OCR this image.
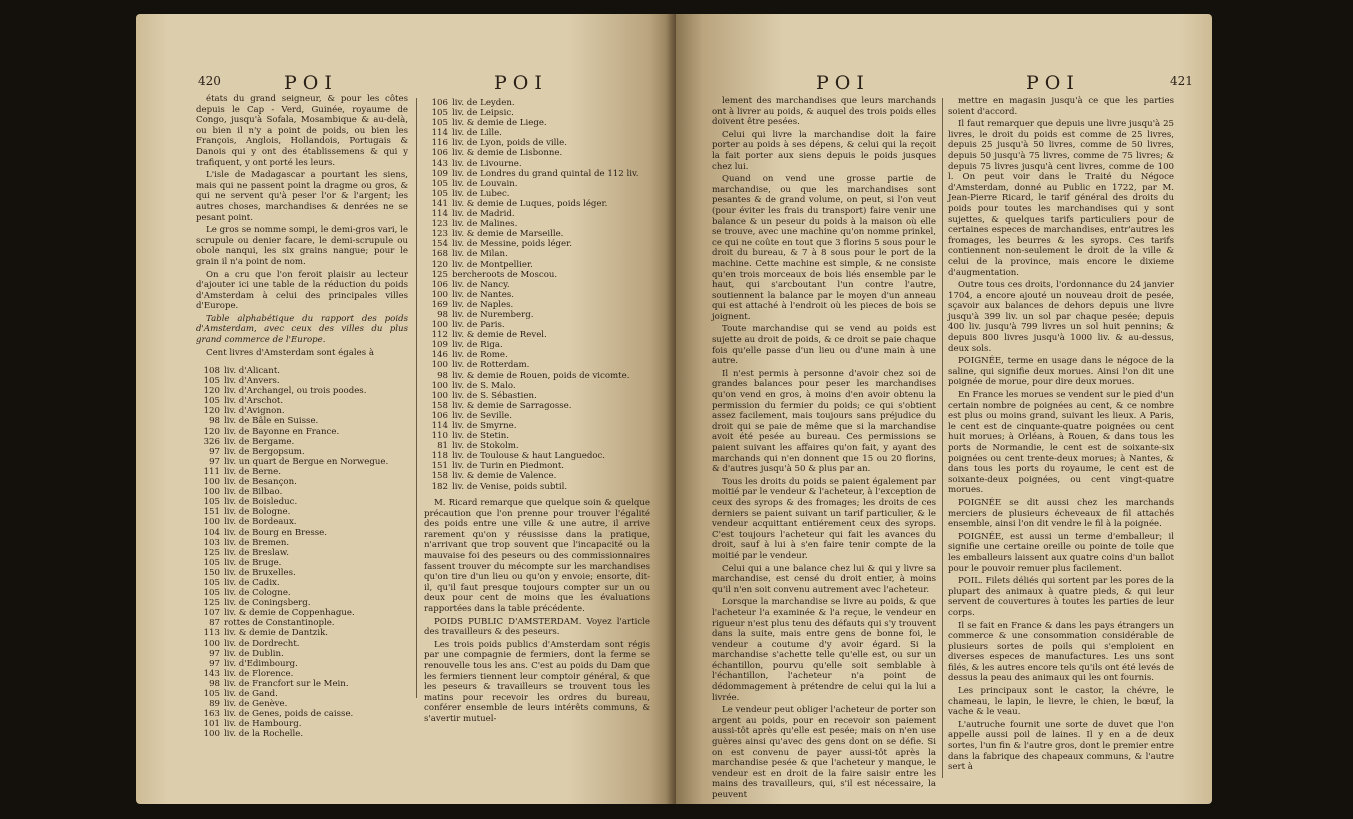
420	POI	POI

états du grand seigneur, & pour les côtes depuis le Cap - Verd, Guinée, royaume de Congo, jusqu'à Sofala, Mosambique & au-delà, ou bien il n'y a point de poids, ou bien les François, Anglois, Hollandois, Portugais & Danois qui y ont des établissemens & qui y trafiquent, y ont porté les leurs.

L'isle de Madagascar a pourtant les siens, mais qui ne passent point la dragme ou gros, & qui ne servent qu'à peser l'or & l'argent; les autres choses, marchandises & denrées ne se pesant point.

Le gros se nomme sompi, le demi-gros vari, le scrupule ou denier facare, le demi-scrupule ou obole nanqui, les six grains nangue; pour le grain il n'a point de nom.

On a cru que l'on feroit plaisir au lecteur d'ajouter ici une table de la réduction du poids d'Amsterdam à celui des principales villes d'Europe.

Table alphabétique du rapport des poids d'Amsterdam, avec ceux des villes du plus grand commerce de l'Europe.

Cent livres d'Amsterdam sont égales à

108 liv. d'Alicant.
105 liv. d'Anvers.
120 liv. d'Archangel, ou trois poodes.
105 liv. d'Arschot.
120 liv. d'Avignon.
98 liv. de Bâle en Suisse.
120 liv. de Bayonne en France.
326 liv. de Bergame.
97 liv. de Bergopsum.
97 liv. un quart de Bergue en Norwegue.
111 liv. de Berne.
100 liv. de Besançon.
100 liv. de Bilbao.
105 liv. de Boisleduc.
151 liv. de Bologne.
100 liv. de Bordeaux.
104 liv. de Bourg en Bresse.
103 liv. de Bremen.
125 liv. de Breslaw.
105 liv. de Bruge.
150 liv. de Bruxelles.
105 liv. de Cadix.
105 liv. de Cologne.
125 liv. de Coningsberg.
107 liv. & demie de Coppenhague.
87 rottes de Constantinople.
113 liv. & demie de Dantzik.
100 liv. de Dordrecht.
97 liv. de Dublin.
97 liv. d'Edimbourg.
143 liv. de Florence.
98 liv. de Francfort sur le Mein.
105 liv. de Gand.
89 liv. de Genève.
163 liv. de Genes, poids de caisse.
101 liv. de Hambourg.
100 liv. de la Rochelle.
106 liv. de Leyden.
105 liv. de Leipsic.
105 liv. & demie de Liege.
114 liv. de Lille.
116 liv. de Lyon, poids de ville.
106 liv. & demie de Lisbonne.
143 liv. de Livourne.
109 liv. de Londres du grand quintal de 112 liv.
105 liv. de Louvain.
105 liv. de Lubec.
141 liv. & demie de Luques, poids léger.
114 liv. de Madrid.
123 liv. de Malines.
123 liv. & demie de Marseille.
154 liv. de Messine, poids léger.
168 liv. de Milan.
120 liv. de Montpellier.
125 bercheroots de Moscou.
106 liv. de Nancy.
100 liv. de Nantes.
169 liv. de Naples.
98 liv. de Nuremberg.
100 liv. de Paris.
112 liv. & demie de Revel.
109 liv. de Riga.
146 liv. de Rome.
100 liv. de Rotterdam.
98 liv. & demie de Rouen, poids de vicomte.
100 liv. de S. Malo.
100 liv. de S. Sébastien.
158 liv. & demie de Sarragosse.
106 liv. de Seville.
114 liv. de Smyrne.
110 liv. de Stetin.
81 liv. de Stokolm.
118 liv. de Toulouse & haut Languedoc.
151 liv. de Turin en Piedmont.
158 liv. & demie de Valence.
182 liv. de Venise, poids subtil.

M. Ricard remarque que quelque soin & quelque précaution que l'on prenne pour trouver l'égalité des poids entre une ville & une autre, il arrive rarement qu'on y réussisse dans la pratique, n'arrivant que trop souvent que l'incapacité ou la mauvaise foi des peseurs ou des commissionnaires fassent trouver du mécompte sur les marchandises qu'on tire d'un lieu ou qu'on y envoie; ensorte, dit-il, qu'il faut presque toujours compter sur un ou deux pour cent de moins que les évaluations rapportées dans la table précédente.

POIDS PUBLIC D'AMSTERDAM. Voyez l'article des travailleurs & des peseurs.

Les trois poids publics d'Amsterdam sont régis par une compagnie de fermiers, dont la ferme se renouvelle tous les ans. C'est au poids du Dam que les fermiers tiennent leur comptoir général, & que les peseurs & travailleurs se trouvent tous les matins pour recevoir les ordres du bureau, conférer ensemble de leurs intérêts communs, & s'avertir mutuel-

POI	POI	421

lement des marchandises que leurs marchands ont à livrer au poids, & auquel des trois poids elles doivent être pesées.

Celui qui livre la marchandise doit la faire porter au poids à ses dépens, & celui qui la reçoit la fait porter aux siens depuis le poids jusques chez lui.

Quand on vend une grosse partie de marchandise, ou que les marchandises sont pesantes & de grand volume, on peut, si l'on veut (pour éviter les frais du transport) faire venir une balance & un peseur du poids à la maison où elle se trouve, avec une machine qu'on nomme prinkel, ce qui ne coûte en tout que 3 florins 5 sous pour le droit du bureau, & 7 à 8 sous pour le port de la machine. Cette machine est simple, & ne consiste qu'en trois morceaux de bois liés ensemble par le haut, qui s'arcboutant l'un contre l'autre, soutiennent la balance par le moyen d'un anneau qui est attaché à l'endroit où les pieces de bois se joignent.

Toute marchandise qui se vend au poids est sujette au droit de poids, & ce droit se paie chaque fois qu'elle passe d'un lieu ou d'une main à une autre.

Il n'est permis à personne d'avoir chez soi de grandes balances pour peser les marchandises qu'on vend en gros, à moins d'en avoir obtenu la permission du fermier du poids; ce qui s'obtient assez facilement, mais toujours sans préjudice du droit qui se paie de même que si la marchandise avoit été pesée au bureau. Ces permissions se paient suivant les affaires qu'on fait, y ayant des marchands qui n'en donnent que 15 ou 20 florins, & d'autres jusqu'à 50 & plus par an.

Tous les droits du poids se paient également par moitié par le vendeur & l'acheteur, à l'exception de ceux des syrops & des fromages; les droits de ces derniers se paient suivant un tarif particulier, & le vendeur acquittant entiérement ceux des syrops. C'est toujours l'acheteur qui fait les avances du droit, sauf à lui à s'en faire tenir compte de la moitié par le vendeur.

Celui qui a une balance chez lui & qui y livre sa marchandise, est censé du droit entier, à moins qu'il n'en soit convenu autrement avec l'acheteur.

Lorsque la marchandise se livre au poids, & que l'acheteur l'a examinée & l'a reçue, le vendeur en rigueur n'est plus tenu des défauts qui s'y trouvent dans la suite, mais entre gens de bonne foi, le vendeur a coutume d'y avoir égard. Si la marchandise s'achette telle qu'elle est, ou sur un échantillon, pourvu qu'elle soit semblable à l'échantillon, l'acheteur n'a point de dédommagement à prétendre de celui qui la lui a livrée.

Le vendeur peut obliger l'acheteur de porter son argent au poids, pour en recevoir son paiement aussi-tôt après qu'elle est pesée; mais on n'en use guères ainsi qu'avec des gens dont on se défie. Si on est convenu de payer aussi-tôt après la marchandise pesée & que l'acheteur y manque, le vendeur est en droit de la faire saisir entre les mains des travailleurs, qui, s'il est nécessaire, la peuvent

mettre en magasin jusqu'à ce que les parties soient d'accord.

Il faut remarquer que depuis une livre jusqu'à 25 livres, le droit du poids est comme de 25 livres, depuis 25 jusqu'à 50 livres, comme de 50 livres, depuis 50 jusqu'à 75 livres, comme de 75 livres; & depuis 75 livres jusqu'à cent livres, comme de 100 l. On peut voir dans le Traité du Négoce d'Amsterdam, donné au Public en 1722, par M. Jean-Pierre Ricard, le tarif général des droits du poids pour toutes les marchandises qui y sont sujettes, & quelques tarifs particuliers pour de certaines especes de marchandises, entr'autres les fromages, les beurres & les syrops. Ces tarifs contiennent non-seulement le droit de la ville & celui de la province, mais encore le dixieme d'augmentation.

Outre tous ces droits, l'ordonnance du 24 janvier 1704, a encore ajouté un nouveau droit de pesée, sçavoir aux balances de dehors depuis une livre jusqu'à 399 liv. un sol par chaque pesée; depuis 400 liv. jusqu'à 799 livres un sol huit pennins; & depuis 800 livres jusqu'à 1000 liv. & au-dessus, deux sols.

POIGNÉE, terme en usage dans le négoce de la saline, qui signifie deux morues. Ainsi l'on dit une poignée de morue, pour dire deux morues.

En France les morues se vendent sur le pied d'un certain nombre de poignées au cent, & ce nombre est plus ou moins grand, suivant les lieux. A Paris, le cent est de cinquante-quatre poignées ou cent huit morues; à Orléans, à Rouen, & dans tous les ports de Normandie, le cent est de soixante-six poignées ou cent trente-deux morues; à Nantes, & dans tous les ports du royaume, le cent est de soixante-deux poignées, ou cent vingt-quatre morues.

POIGNÉE se dit aussi chez les marchands merciers de plusieurs écheveaux de fil attachés ensemble, ainsi l'on dit vendre le fil à la poignée.

POIGNÉE, est aussi un terme d'emballeur; il signifie une certaine oreille ou pointe de toile que les emballeurs laissent aux quatre coins d'un ballot pour le pouvoir remuer plus facilement.

POIL. Filets déliés qui sortent par les pores de la plupart des animaux à quatre pieds, & qui leur servent de couvertures à toutes les parties de leur corps.

Il se fait en France & dans les pays étrangers un commerce & une consommation considérable de plusieurs sortes de poils qui s'emploient en diverses especes de manufactures. Les uns sont filés, & les autres encore tels qu'ils ont été levés de dessus la peau des animaux qui les ont fournis.

Les principaux sont le castor, la chévre, le chameau, le lapin, le lievre, le chien, le bœuf, la vache & le veau.

L'autruche fournit une sorte de duvet que l'on appelle aussi poil de laines. Il y en a de deux sortes, l'un fin & l'autre gros, dont le premier entre dans la fabrique des chapeaux communs, & l'autre sert à
